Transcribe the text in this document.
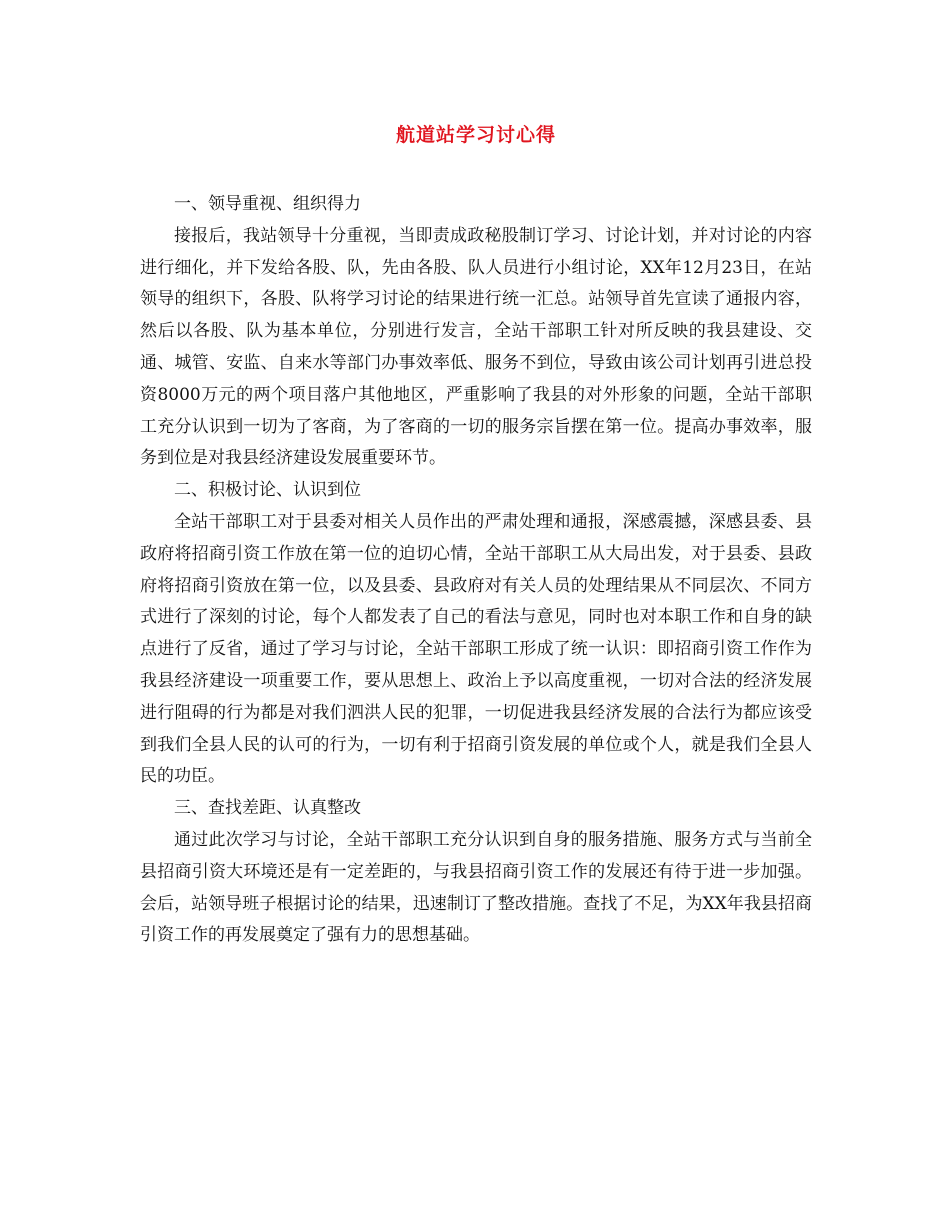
航道站学习讨心得

一、领导重视、组织得力

接报后，我站领导十分重视，当即责成政秘股制订学习、讨论计划，并对讨论的内容进行细化，并下发给各股、队，先由各股、队人员进行小组讨论，XX年12月23日，在站领导的组织下，各股、队将学习讨论的结果进行统一汇总。站领导首先宣读了通报内容，然后以各股、队为基本单位，分别进行发言，全站干部职工针对所反映的我县建设、交通、城管、安监、自来水等部门办事效率低、服务不到位，导致由该公司计划再引进总投资8000万元的两个项目落户其他地区，严重影响了我县的对外形象的问题，全站干部职工充分认识到一切为了客商，为了客商的一切的服务宗旨摆在第一位。提高办事效率，服务到位是对我县经济建设发展重要环节。

二、积极讨论、认识到位

全站干部职工对于县委对相关人员作出的严肃处理和通报，深感震撼，深感县委、县政府将招商引资工作放在第一位的迫切心情，全站干部职工从大局出发，对于县委、县政府将招商引资放在第一位，以及县委、县政府对有关人员的处理结果从不同层次、不同方式进行了深刻的讨论，每个人都发表了自己的看法与意见，同时也对本职工作和自身的缺点进行了反省，通过了学习与讨论，全站干部职工形成了统一认识：即招商引资工作作为我县经济建设一项重要工作，要从思想上、政治上予以高度重视，一切对合法的经济发展进行阻碍的行为都是对我们泗洪人民的犯罪，一切促进我县经济发展的合法行为都应该受到我们全县人民的认可的行为，一切有利于招商引资发展的单位或个人，就是我们全县人民的功臣。

三、查找差距、认真整改

通过此次学习与讨论，全站干部职工充分认识到自身的服务措施、服务方式与当前全县招商引资大环境还是有一定差距的，与我县招商引资工作的发展还有待于进一步加强。会后，站领导班子根据讨论的结果，迅速制订了整改措施。查找了不足，为XX年我县招商引资工作的再发展奠定了强有力的思想基础。
